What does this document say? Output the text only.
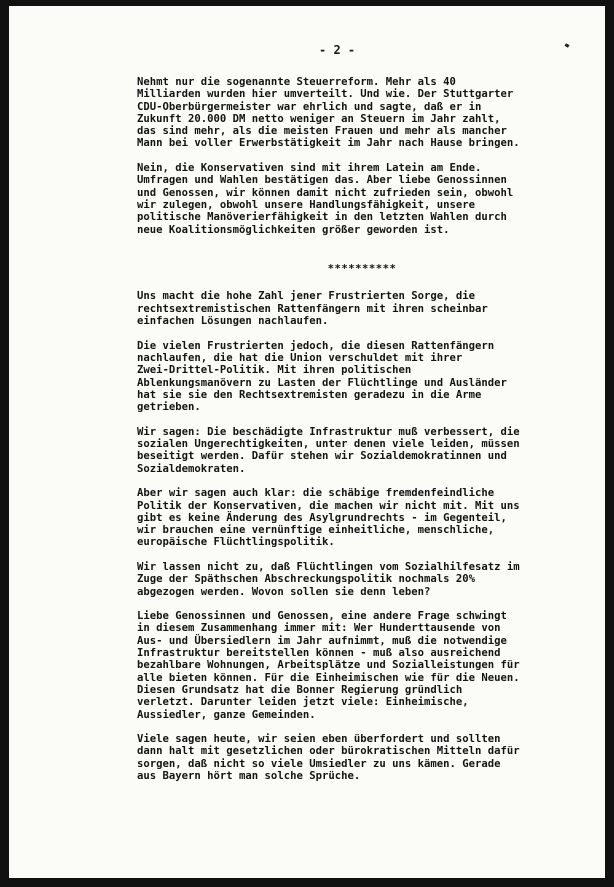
- 2 -

Nehmt nur die sogenannte Steuerreform. Mehr als 40
Milliarden wurden hier umverteilt. Und wie. Der Stuttgarter
CDU-Oberbürgermeister war ehrlich und sagte, daß er in
Zukunft 20.000 DM netto weniger an Steuern im Jahr zahlt,
das sind mehr, als die meisten Frauen und mehr als mancher
Mann bei voller Erwerbstätigkeit im Jahr nach Hause bringen.

Nein, die Konservativen sind mit ihrem Latein am Ende.
Umfragen und Wahlen bestätigen das. Aber liebe Genossinnen
und Genossen, wir können damit nicht zufrieden sein, obwohl
wir zulegen, obwohl unsere Handlungsfähigkeit, unsere
politische Manöverierfähigkeit in den letzten Wahlen durch
neue Koalitionsmöglichkeiten größer geworden ist.

**********

Uns macht die hohe Zahl jener Frustrierten Sorge, die
rechtsextremistischen Rattenfängern mit ihren scheinbar
einfachen Lösungen nachlaufen.

Die vielen Frustrierten jedoch, die diesen Rattenfängern
nachlaufen, die hat die Union verschuldet mit ihrer
Zwei-Drittel-Politik. Mit ihren politischen
Ablenkungsmanövern zu Lasten der Flüchtlinge und Ausländer
hat sie sie den Rechtsextremisten geradezu in die Arme
getrieben.

Wir sagen: Die beschädigte Infrastruktur muß verbessert, die
sozialen Ungerechtigkeiten, unter denen viele leiden, müssen
beseitigt werden. Dafür stehen wir Sozialdemokratinnen und
Sozialdemokraten.

Aber wir sagen auch klar: die schäbige fremdenfeindliche
Politik der Konservativen, die machen wir nicht mit. Mit uns
gibt es keine Änderung des Asylgrundrechts - im Gegenteil,
wir brauchen eine vernünftige einheitliche, menschliche,
europäische Flüchtlingspolitik.

Wir lassen nicht zu, daß Flüchtlingen vom Sozialhilfesatz im
Zuge der Späthschen Abschreckungspolitik nochmals 20%
abgezogen werden. Wovon sollen sie denn leben?

Liebe Genossinnen und Genossen, eine andere Frage schwingt
in diesem Zusammenhang immer mit: Wer Hunderttausende von
Aus- und Übersiedlern im Jahr aufnimmt, muß die notwendige
Infrastruktur bereitstellen können - muß also ausreichend
bezahlbare Wohnungen, Arbeitsplätze und Sozialleistungen für
alle bieten können. Für die Einheimischen wie für die Neuen.
Diesen Grundsatz hat die Bonner Regierung gründlich
verletzt. Darunter leiden jetzt viele: Einheimische,
Aussiedler, ganze Gemeinden.

Viele sagen heute, wir seien eben überfordert und sollten
dann halt mit gesetzlichen oder bürokratischen Mitteln dafür
sorgen, daß nicht so viele Umsiedler zu uns kämen. Gerade
aus Bayern hört man solche Sprüche.
